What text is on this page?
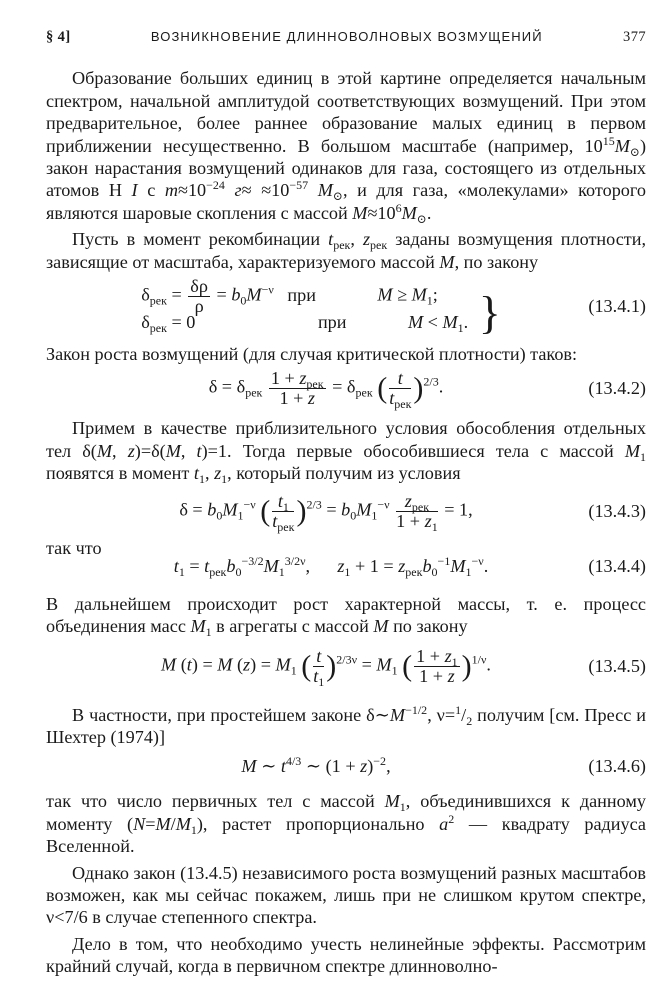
§ 4]	ВОЗНИКНОВЕНИЕ ДЛИННОВОЛНОВЫХ ВОЗМУЩЕНИЙ	377

Образование больших единиц в этой картине определяется начальным спектром, начальной амплитудой соответствующих возмущений. При этом предварительное, более раннее образование малых единиц в первом приближении несущественно. В большом масштабе (например, $10^{15}M_⊙$) закон нарастания возмущений одинаков для газа, состоящего из отдельных атомов H I с $m\approx 10^{-24}$ $г\approx \approx 10^{-57}$ $M_⊙$, и для газа, «молекулами» которого являются шаровые скопления с массой $M\approx 10^6M_⊙$.

Пусть в момент рекомбинации $t_{рек}$, $z_{рек}$ заданы возмущения плотности, зависящие от масштаба, характеризуемого массой M, по закону

$\delta_{рек} = \frac{\delta\rho}{\rho} = b_0M^{-\nu}$ при	$M \ge M_1$;
$\delta_{рек} = 0$	при	$M < M_1$. }	(13.4.1)

Закон роста возмущений (для случая критической плотности) таков:

$\delta = \delta_{рек} \frac{1 + z_{рек}}{1 + z} = \delta_{рек}$ ( $\frac{t}{t_{рек}} )^{2/3}$.	(13.4.2)

Примем в качестве приблизительного условия обособления отдельных тел δ(M, z)=δ(M, t)=1. Тогда первые обособившиеся тела с массой $M_1$ появятся в момент $t_1$, $z_1$, который получим из условия

$\delta = b_0M_1^{-\nu}$ ( $\frac{t_1}{t_{рек}} )^{2/3} = b_0M_1^{-\nu} \frac{z_{рек}}{1 + z_1} = 1$,	(13.4.3)
так что
$t_1 = t_{рек}b_0^{-3/2}M_1^{3/2\nu}$,      $z_1 + 1 = z_{рек}b_0^{-1}M_1^{-\nu}$.	(13.4.4)

В дальнейшем происходит рост характерной массы, т. е. процесс объединения масс $M_1$ в агрегаты с массой M по закону

M (t) = M $(z) = M_1$ ( $\frac{t}{t_1} )^{2/3\nu} = M_1$ ( $\frac{1 + z_1}{1 + z} )^{1/\nu}$.	(13.4.5)

В частности, при простейшем законе $\delta\sim M^{-1/2}$, $\nu=^1/_2$ получим [см. Пресс и Шехтер (1974)]

M ∼ $t^{4/3}$ ∼ $(1 + z)^{-2}$,	(13.4.6)

так что число первичных тел с массой $M_1$, объединившихся к данному моменту $(N=M/M_1)$, растет пропорционально $a^2$ — квадрату радиуса Вселенной.

Однако закон (13.4.5) независимого роста возмущений разных масштабов возможен, как мы сейчас покажем, лишь при не слишком крутом спектре, ν<7/6 в случае степенного спектра.

Дело в том, что необходимо учесть нелинейные эффекты. Рассмотрим крайний случай, когда в первичном спектре длинноволно-
